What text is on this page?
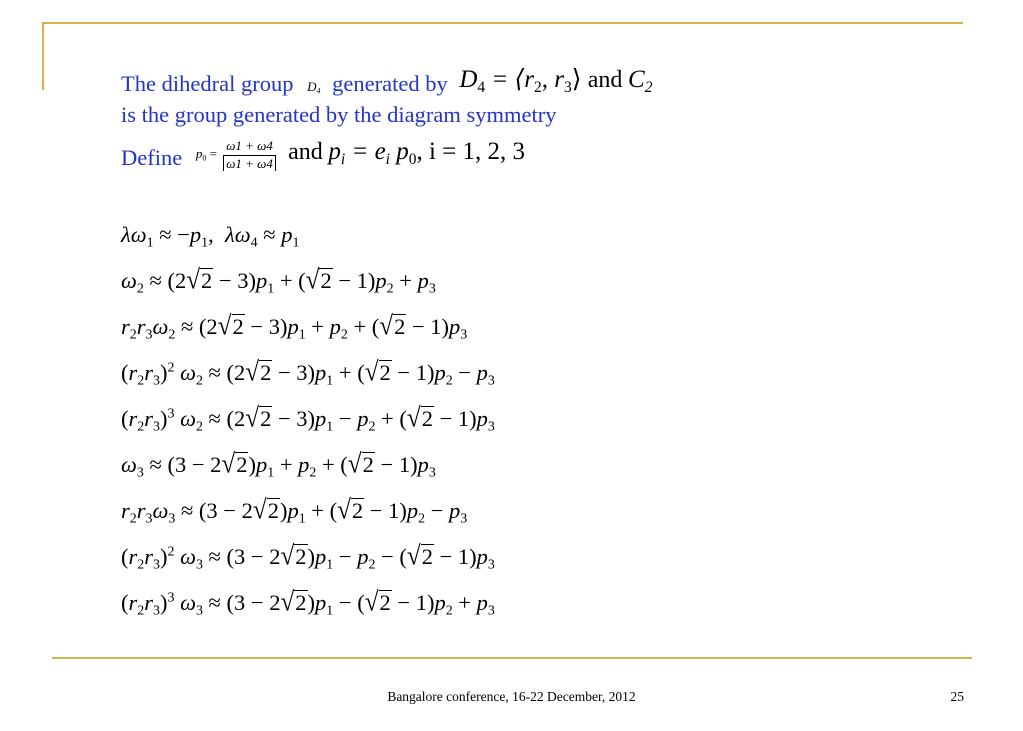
The dihedral group $D_4$ generated by $D_4$ = $⟨r_2$, $r_3⟩$ and $C_2$
is the group generated by the diagram symmetry
Define $^{p_0 = \frac{\omega 1 + \omega 4}{\omega 1 + \omega 4}}$ and $p_i = e_i$ $p_0$, i = 1, 2, 3
$\lambda\omega_1 \approx -p_1$,  $\lambda\omega_4 \approx p_1$
$\omega_2 \approx (2√2 - 3)p_1 + (√2 - 1)p_2 + p_3$
$r_2r_3\omega_2 \approx (2√2 - 3)p_1 + p_2 + (√2 - 1)p_3$
$(r_2r_3)^2$ $\omega_2 \approx (2√2 - 3)p_1 + (√2 - 1)p_2 - p_3$
$(r_2r_3)^3$ $\omega_2 \approx (2√2 - 3)p_1 - p_2 + (√2 - 1)p_3$
$\omega_3 \approx (3 - 2√2)p_1 + p_2 + (√2 - 1)p_3$
$r_2r_3\omega_3 \approx (3 - 2√2)p_1 + (√2 - 1)p_2 - p_3$
$(r_2r_3)^2$ $\omega_3 \approx (3 - 2√2)p_1 - p_2 - (√2 - 1)p_3$
$(r_2r_3)^3$ $\omega_3 \approx (3 - 2√2)p_1 - (√2 - 1)p_2 + p_3$
Bangalore conference, 16-22 December, 2012	25
